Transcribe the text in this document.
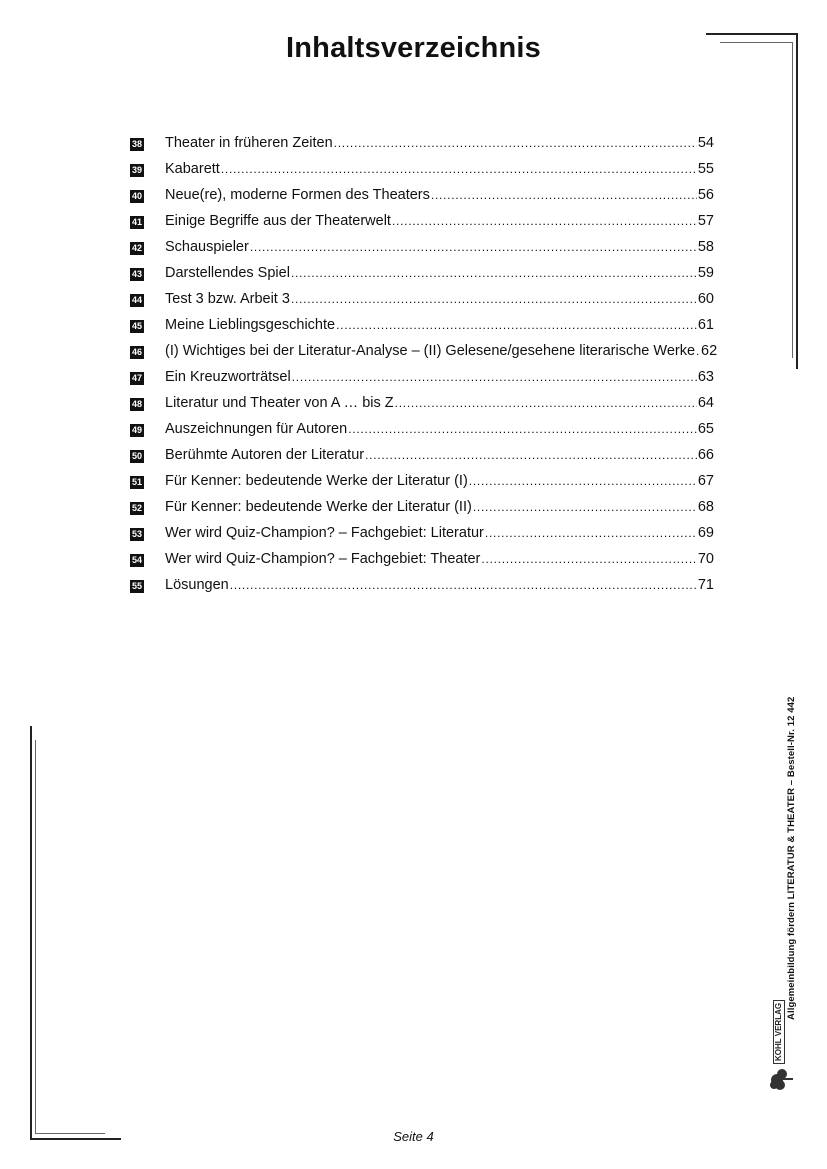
Inhaltsverzeichnis
38 Theater in früheren Zeiten . . .	54
39 Kabarett . . .	55
40 Neue(re), moderne Formen des Theaters . . .	56
41 Einige Begriffe aus der Theaterwelt . . .	57
42 Schauspieler . . .	58
43 Darstellendes Spiel . . .	59
44 Test 3 bzw. Arbeit 3 . . .	60
45 Meine Lieblingsgeschichte . . .	61
46 (I) Wichtiges bei der Literatur-Analyse – (II) Gelesene/gesehene literarische Werke . . . 62
47 Ein Kreuzworträtsel . . .	63
48 Literatur und Theater von A … bis Z . . .	64
49 Auszeichnungen für Autoren . . .	65
50 Berühmte Autoren der Literatur . . .	66
51 Für Kenner: bedeutende Werke der Literatur (I) . . .	67
52 Für Kenner: bedeutende Werke der Literatur (II) . . .	68
53 Wer wird Quiz-Champion? – Fachgebiet: Literatur . . .	69
54 Wer wird Quiz-Champion? – Fachgebiet: Theater . . .	70
55 Lösungen . . .	71
Allgemeinbildung fördern LITERATUR & THEATER – Bestell-Nr. 12 442
KOHL VERLAG
Seite 4
